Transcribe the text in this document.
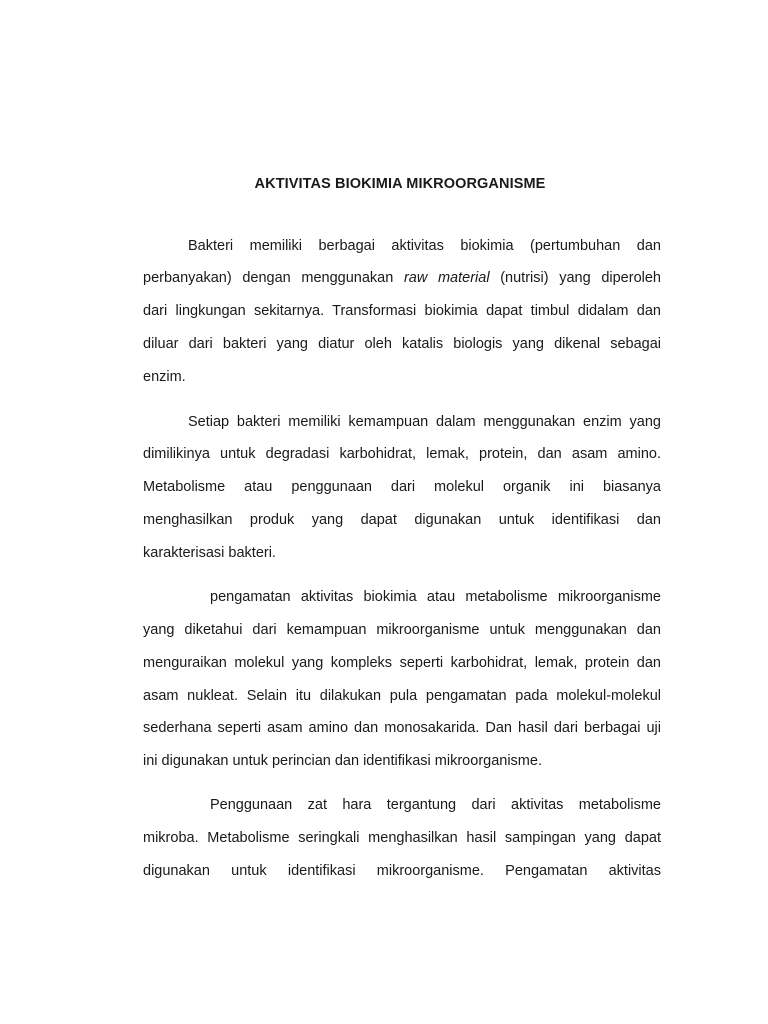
AKTIVITAS BIOKIMIA MIKROORGANISME
Bakteri memiliki berbagai aktivitas biokimia (pertumbuhan dan
perbanyakan) dengan menggunakan raw material (nutrisi) yang diperoleh
dari lingkungan sekitarnya. Transformasi biokimia dapat timbul didalam dan
diluar dari bakteri yang diatur oleh katalis biologis yang dikenal sebagai
enzim.
Setiap bakteri memiliki kemampuan dalam menggunakan enzim yang
dimilikinya untuk degradasi karbohidrat, lemak, protein, dan asam amino.
Metabolisme atau penggunaan dari molekul organik ini biasanya
menghasilkan produk yang dapat digunakan untuk identifikasi dan
karakterisasi bakteri.
pengamatan aktivitas biokimia atau metabolisme mikroorganisme
yang diketahui dari kemampuan mikroorganisme untuk menggunakan dan
menguraikan molekul yang kompleks seperti karbohidrat, lemak, protein dan
asam nukleat. Selain itu dilakukan pula pengamatan pada molekul-molekul
sederhana seperti asam amino dan monosakarida. Dan hasil dari berbagai uji
ini digunakan untuk perincian dan identifikasi mikroorganisme.
Penggunaan zat hara tergantung dari aktivitas metabolisme
mikroba. Metabolisme seringkali menghasilkan hasil sampingan yang dapat
digunakan untuk identifikasi mikroorganisme. Pengamatan aktivitas
